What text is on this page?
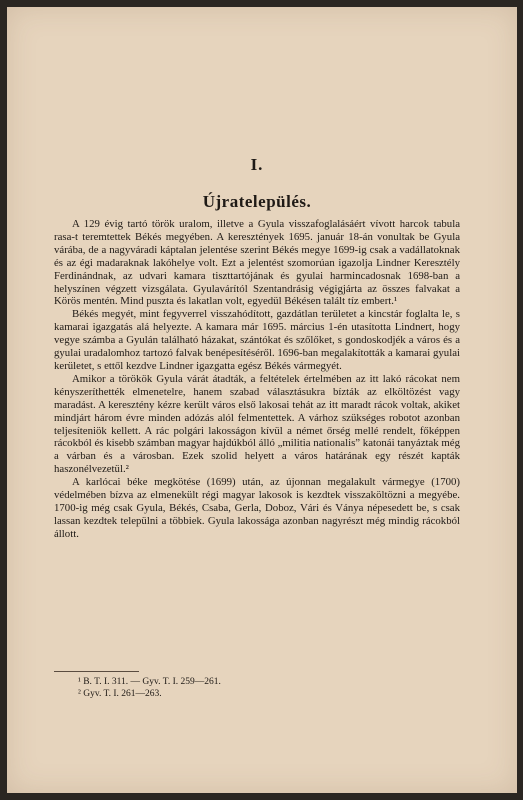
I.
Újratelepülés.

A 129 évig tartó török uralom, illetve a Gyula visszafoglalásáért vívott harcok tabula rasa-t teremtettek Békés megyében. A keresztények 1695. január 18-án vonultak be Gyula várába, de a nagyváradi káptalan jelentése szerint Békés megye 1699-ig csak a vadállatoknak és az égi madaraknak lakóhelye volt. Ezt a jelentést szomorúan igazolja Lindner Keresztély Ferdinándnak, az udvari kamara tiszttartójának és gyulai harmincadosnak 1698-ban a helyszínen végzett vizsgálata. Gyulavárítól Szentandrásig végigjárta az összes falvakat a Körös mentén. Mind puszta és lakatlan volt, egyedül Békésen talált tíz embert.¹

Békés megyét, mint fegyverrel visszahódított, gazdátlan területet a kincstár foglalta le, s kamarai igazgatás alá helyezte. A kamara már 1695. március 1-én utasította Lindnert, hogy vegye számba a Gyulán található házakat, szántókat és szőlőket, s gondoskodjék a város és a gyulai uradalomhoz tartozó falvak benépesítéséről. 1696-ban megalakították a kamarai gyulai kerületet, s ettől kezdve Lindner igazgatta egész Békés vármegyét.

Amikor a törökök Gyula várát átadták, a feltételek értelmében az itt lakó rácokat nem kényszeríthették elmenetelre, hanem szabad választásukra bízták az elköltözést vagy maradást. A keresztény kézre került város első lakosai tehát az itt maradt rácok voltak, akiket mindjárt három évre minden adózás alól felmentettek. A várhoz szükséges robotot azonban teljesíteniök kellett. A rác polgári lakosságon kívül a német őrség mellé rendelt, főképpen rácokból és kisebb számban magyar hajdúkból álló „militia nationalis” katonái tanyáztak még a várban és a városban. Ezek szolid helyett a város határának egy részét kapták haszonélvezetül.²

A karlócai béke megkötése (1699) után, az újonnan megalakult vármegye (1700) védelmében bízva az elmenekült régi magyar lakosok is kezdtek visszaköltözni a megyébe. 1700-ig még csak Gyula, Békés, Csaba, Gerla, Doboz, Vári és Ványa népesedett be, s csak lassan kezdtek települni a többiek. Gyula lakossága azonban nagyrészt még mindig rácokból állott.

¹ B. T. I. 311. — Gyv. T. I. 259—261.
² Gyv. T. I. 261—263.
